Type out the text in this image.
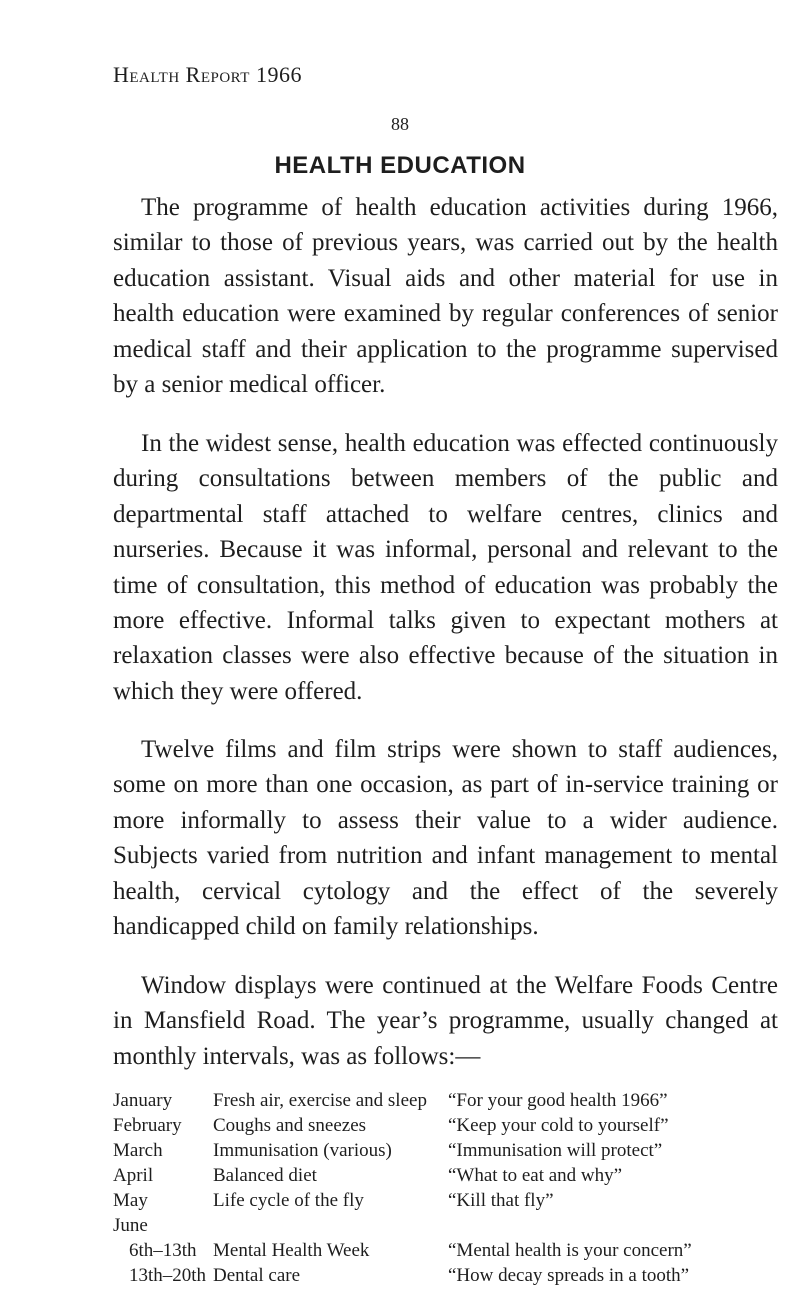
Health Report 1966
88
HEALTH EDUCATION

The programme of health education activities during 1966, similar to those of previous years, was carried out by the health education assistant. Visual aids and other material for use in health education were examined by regular conferences of senior medical staff and their application to the programme supervised by a senior medical officer.

In the widest sense, health education was effected continuously during consultations between members of the public and departmental staff attached to welfare centres, clinics and nurseries. Because it was informal, personal and relevant to the time of consultation, this method of education was probably the more effective. Informal talks given to expectant mothers at relaxation classes were also effective because of the situation in which they were offered.

Twelve films and film strips were shown to staff audiences, some on more than one occasion, as part of in-service training or more informally to assess their value to a wider audience. Subjects varied from nutrition and infant management to mental health, cervical cytology and the effect of the severely handicapped child on family relationships.

Window displays were continued at the Welfare Foods Centre in Mansfield Road. The year’s programme, usually changed at monthly intervals, was as follows:—

January	Fresh air, exercise and sleep	“For your good health 1966”
February	Coughs and sneezes	“Keep your cold to yourself”
March	Immunisation (various)	“Immunisation will protect”
April	Balanced diet	“What to eat and why”
May	Life cycle of the fly	“Kill that fly”
June
6th–13th Mental Health Week	“Mental health is your concern”
13th–20th Dental care	“How decay spreads in a tooth”
